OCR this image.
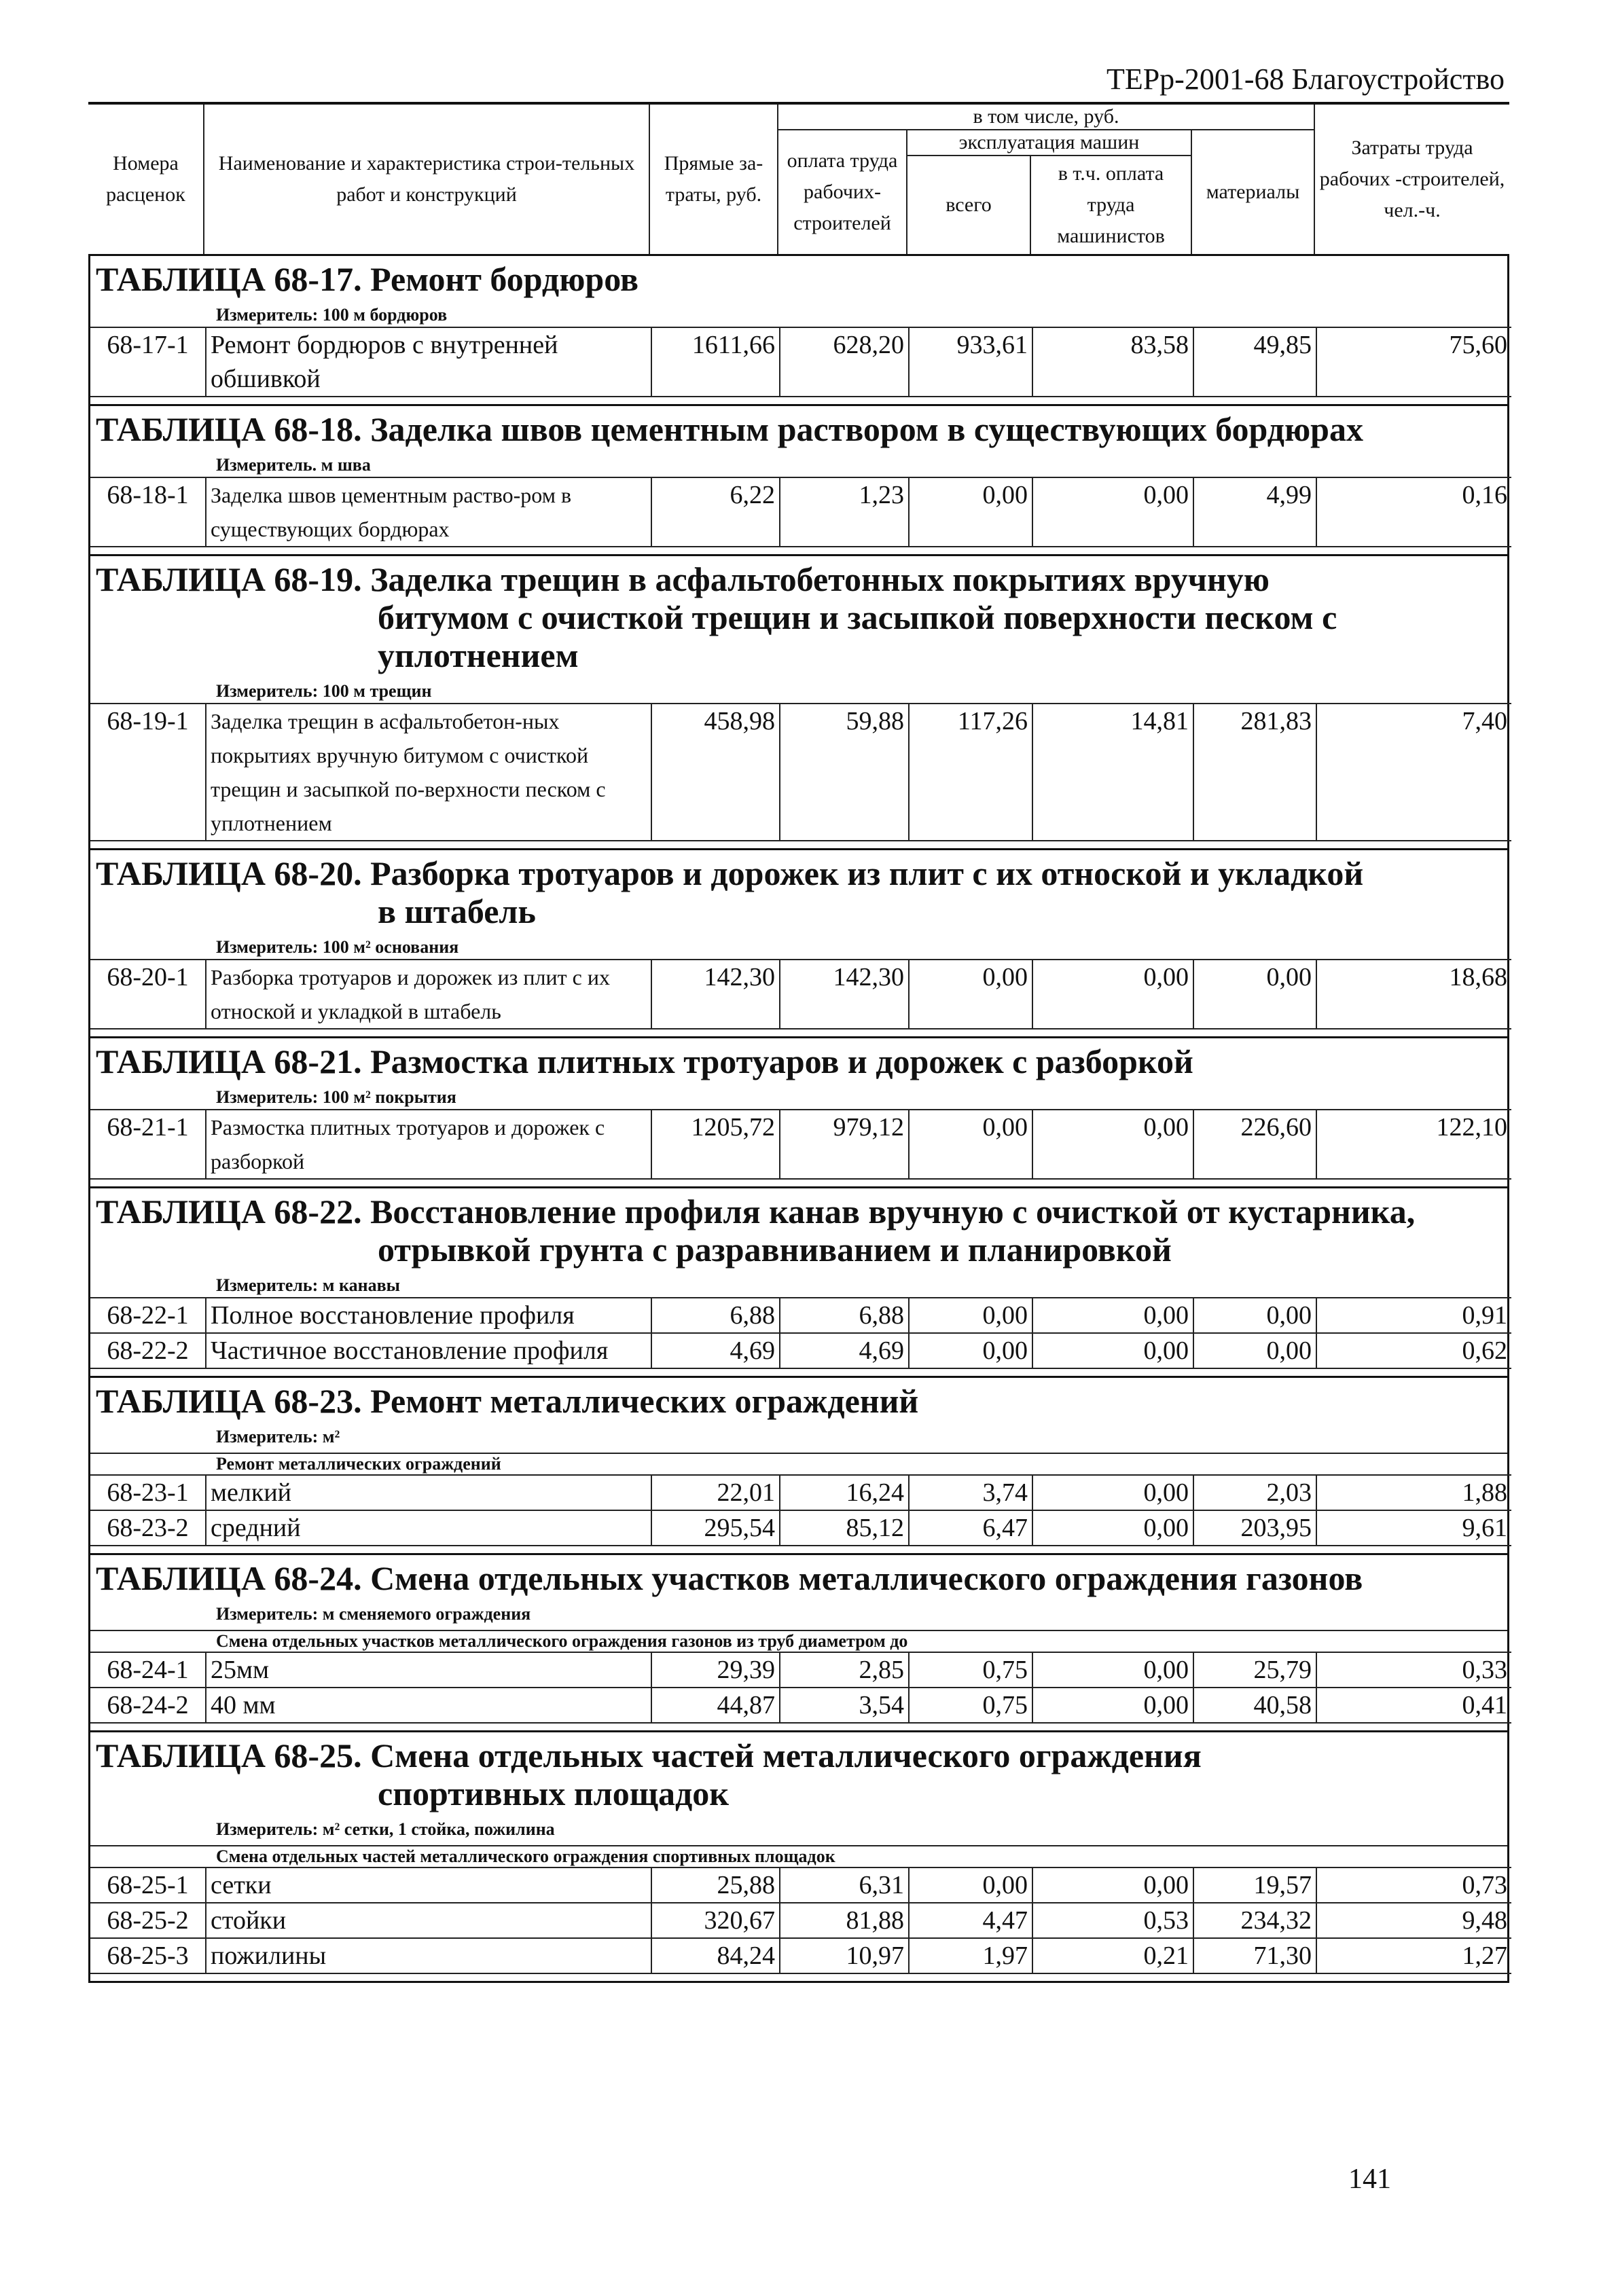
ТЕРр-2001-68 Благоустройство
Номера расценок	Наименование и характеристика строи-тельных работ и конструкций	Прямые за-траты, руб.	в том числе, руб.				Затраты труда рабочих -строителей, чел.-ч.
			оплата труда рабочих-строителей	эксплуатация машин		материалы	
				всего	в т.ч. оплата труда машинистов		
ТАБЛИЦА 68-17. Ремонт бордюров
Измеритель: 100 м бордюров
68-17-1	Ремонт бордюров с внутренней обшивкой	1611,66	628,20	933,61	83,58	49,85	75,60
ТАБЛИЦА 68-18. Заделка швов цементным раствором в существующих бордюрах
Измеритель. м шва
68-18-1	Заделка швов цементным раство-ром в существующих бордюрах	6,22	1,23	0,00	0,00	4,99	0,16
ТАБЛИЦА 68-19. Заделка трещин в асфальтобетонных покрытиях вручную
битумом с очисткой трещин и засыпкой поверхности песком с уплотнением
Измеритель: 100 м трещин
68-19-1	Заделка трещин в асфальтобетон-ных покрытиях вручную битумом с очисткой трещин и засыпкой по-верхности песком с уплотнением	458,98	59,88	117,26	14,81	281,83	7,40
ТАБЛИЦА 68-20. Разборка тротуаров и дорожек из плит с их отноской и укладкой
в штабель
Измеритель: 100 м² основания
68-20-1	Разборка тротуаров и дорожек из плит с их отноской и укладкой в штабель	142,30	142,30	0,00	0,00	0,00	18,68
ТАБЛИЦА 68-21. Размостка плитных тротуаров и дорожек с разборкой
Измеритель: 100 м² покрытия
68-21-1	Размостка плитных тротуаров и дорожек с разборкой	1205,72	979,12	0,00	0,00	226,60	122,10
ТАБЛИЦА 68-22. Восстановление профиля канав вручную с очисткой от кустарника,
отрывкой грунта с разравниванием и планировкой
Измеритель: м канавы
68-22-1	Полное восстановление профиля	6,88	6,88	0,00	0,00	0,00	0,91
68-22-2	Частичное восстановление профиля	4,69	4,69	0,00	0,00	0,00	0,62
ТАБЛИЦА 68-23. Ремонт металлических ограждений
Измеритель: м²
Ремонт металлических ограждений
68-23-1	мелкий	22,01	16,24	3,74	0,00	2,03	1,88
68-23-2	средний	295,54	85,12	6,47	0,00	203,95	9,61
ТАБЛИЦА 68-24. Смена отдельных участков металлического ограждения газонов
Измеритель: м сменяемого ограждения
Смена отдельных участков металлического ограждения газонов из труб диаметром до
68-24-1	25мм	29,39	2,85	0,75	0,00	25,79	0,33
68-24-2	40 мм	44,87	3,54	0,75	0,00	40,58	0,41
ТАБЛИЦА 68-25. Смена отдельных частей металлического ограждения
спортивных площадок
Измеритель: м² сетки, 1 стойка, пожилина
Смена отдельных частей металлического ограждения спортивных площадок
68-25-1	сетки	25,88	6,31	0,00	0,00	19,57	0,73
68-25-2	стойки	320,67	81,88	4,47	0,53	234,32	9,48
68-25-3	пожилины	84,24	10,97	1,97	0,21	71,30	1,27
141
